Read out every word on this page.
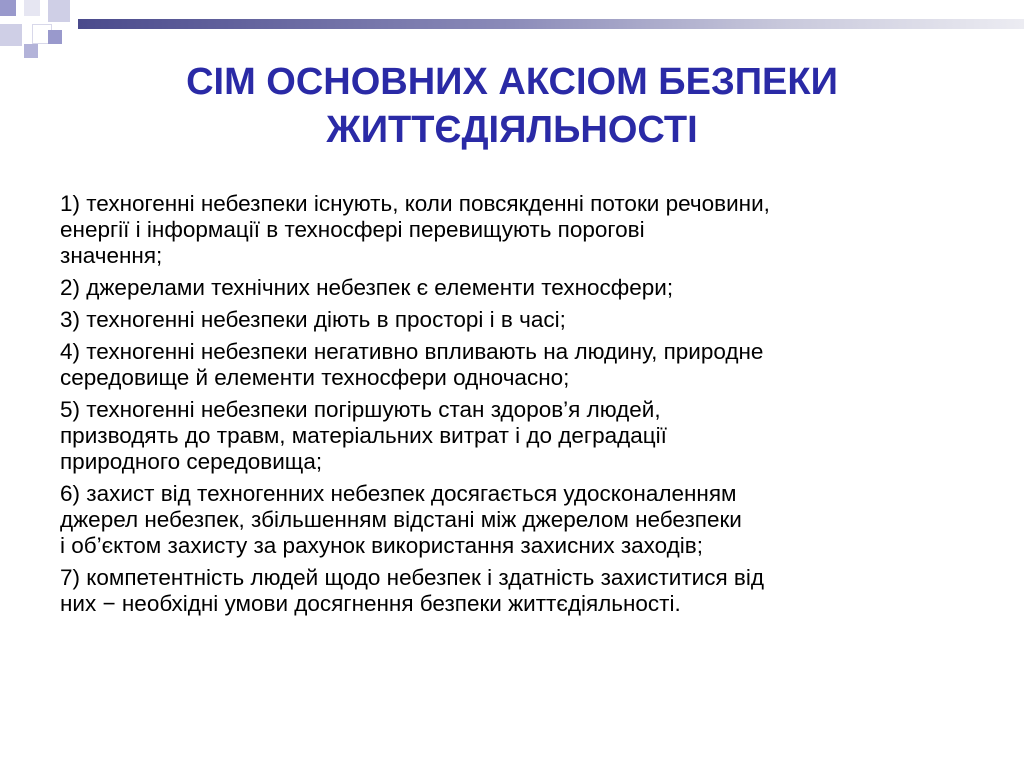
СІМ ОСНОВНИХ АКСІОМ БЕЗПЕКИ
ЖИТТЄДІЯЛЬНОСТІ
1) техногенні небезпеки існують, коли повсякденні потоки речовини,
енергії і інформації в техносфері перевищують порогові
значення;
2) джерелами технічних небезпек є елементи техносфери;
3) техногенні небезпеки діють в просторі і в часі;
4) техногенні небезпеки негативно впливають на людину, природне
середовище й елементи техносфери одночасно;
5) техногенні небезпеки погіршують стан здоров’я людей,
призводять до травм, матеріальних витрат і до деградації
природного середовища;
6) захист від техногенних небезпек досягається удосконаленням
джерел небезпек, збільшенням відстані між джерелом небезпеки
і об’єктом захисту за рахунок використання захисних заходів;
7) компетентність людей щодо небезпек і здатність захиститися від
них − необхідні умови досягнення безпеки життєдіяльності.
